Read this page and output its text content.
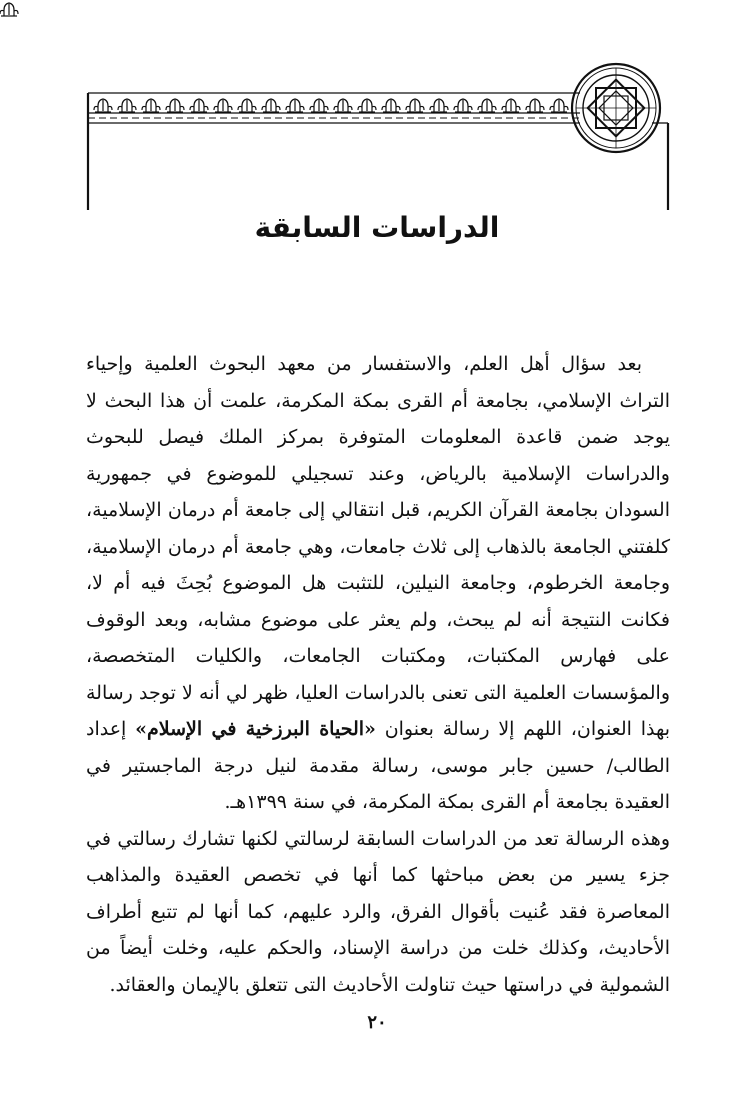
الدراسات السابقة

بعد سؤال أهل العلم، والاستفسار من معهد البحوث العلمية وإحياء التراث الإسلامي، بجامعة أم القرى بمكة المكرمة، علمت أن هذا البحث لا يوجد ضمن قاعدة المعلومات المتوفرة بمركز الملك فيصل للبحوث والدراسات الإسلامية بالرياض، وعند تسجيلي للموضوع في جمهورية السودان بجامعة القرآن الكريم، قبل انتقالي إلى جامعة أم درمان الإسلامية، كلفتني الجامعة بالذهاب إلى ثلاث جامعات، وهي جامعة أم درمان الإسلامية، وجامعة الخرطوم، وجامعة النيلين، للتثبت هل الموضوع بُحِثَ فيه أم لا، فكانت النتيجة أنه لم يبحث، ولم يعثر على موضوع مشابه، وبعد الوقوف على فهارس المكتبات، ومكتبات الجامعات، والكليات المتخصصة، والمؤسسات العلمية التى تعنى بالدراسات العليا، ظهر لي أنه لا توجد رسالة بهذا العنوان، اللهم إلا رسالة بعنوان «الحياة البرزخية في الإسلام» إعداد الطالب/ حسين جابر موسى، رسالة مقدمة لنيل درجة الماجستير في العقيدة بجامعة أم القرى بمكة المكرمة، في سنة ١٣٩٩هـ.

وهذه الرسالة تعد من الدراسات السابقة لرسالتي لكنها تشارك رسالتي في جزء يسير من بعض مباحثها كما أنها في تخصص العقيدة والمذاهب المعاصرة فقد عُنيت بأقوال الفرق، والرد عليهم، كما أنها لم تتبع أطراف الأحاديث، وكذلك خلت من دراسة الإسناد، والحكم عليه، وخلت أيضاً من الشمولية في دراستها حيث تناولت الأحاديث التى تتعلق بالإيمان والعقائد.

٢٠
